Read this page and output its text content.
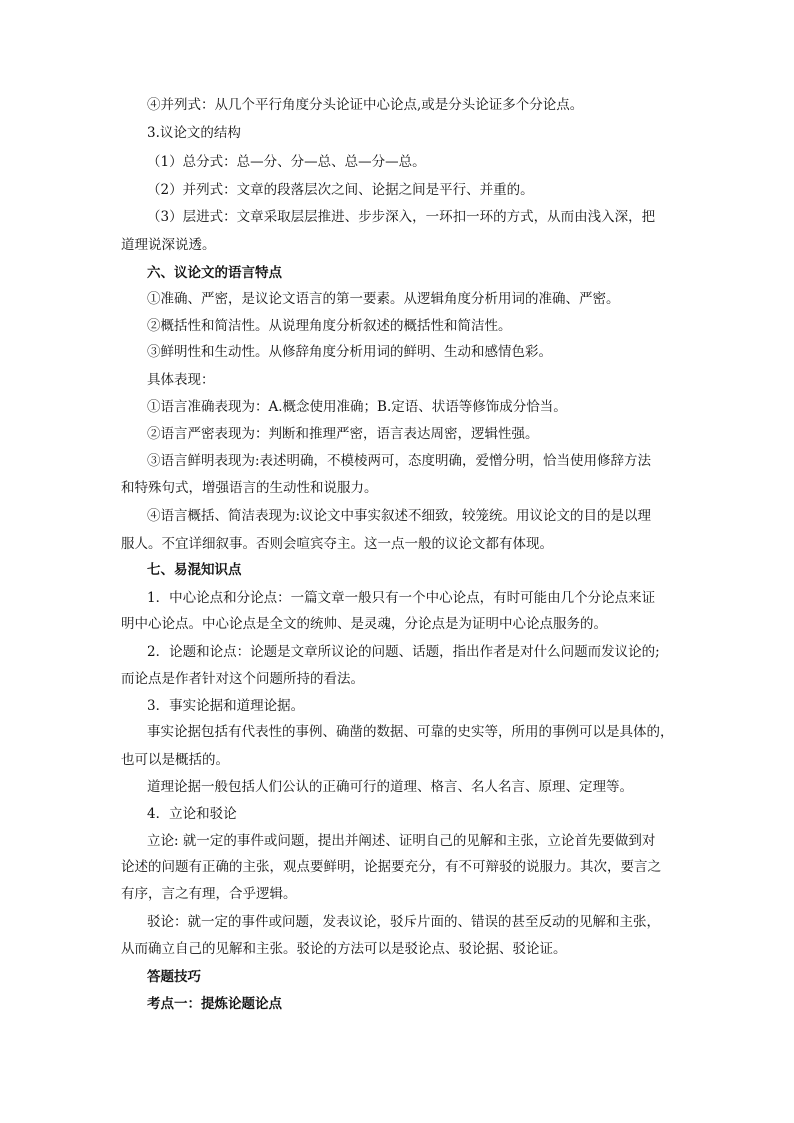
④并列式：从几个平行角度分头论证中心论点,或是分头论证多个分论点。
3.议论文的结构
（1）总分式：总—分、分—总、总—分—总。
（2）并列式：文章的段落层次之间、论据之间是平行、并重的。
（3）层进式：文章采取层层推进、步步深入，一环扣一环的方式，从而由浅入深，把
道理说深说透。
六、议论文的语言特点
①准确、严密，是议论文语言的第一要素。从逻辑角度分析用词的准确、严密。
②概括性和简洁性。从说理角度分析叙述的概括性和简洁性。
③鲜明性和生动性。从修辞角度分析用词的鲜明、生动和感情色彩。
具体表现：
①语言准确表现为：A.概念使用准确；B.定语、状语等修饰成分恰当。
②语言严密表现为：判断和推理严密，语言表达周密，逻辑性强。
③语言鲜明表现为:表述明确，不模棱两可，态度明确，爱憎分明，恰当使用修辞方法
和特殊句式，增强语言的生动性和说服力。
④语言概括、简洁表现为:议论文中事实叙述不细致，较笼统。用议论文的目的是以理
服人。不宜详细叙事。否则会喧宾夺主。这一点一般的议论文都有体现。
七、易混知识点
1．中心论点和分论点：一篇文章一般只有一个中心论点，有时可能由几个分论点来证
明中心论点。中心论点是全文的统帅、是灵魂，分论点是为证明中心论点服务的。
2．论题和论点：论题是文章所议论的问题、话题，指出作者是对什么问题而发议论的;
而论点是作者针对这个问题所持的看法。
3．事实论据和道理论据。
事实论据包括有代表性的事例、确凿的数据、可靠的史实等，所用的事例可以是具体的，
也可以是概括的。
道理论据一般包括人们公认的正确可行的道理、格言、名人名言、原理、定理等。
4．立论和驳论
立论: 就一定的事件或问题，提出并阐述、证明自己的见解和主张，立论首先要做到对
论述的问题有正确的主张，观点要鲜明，论据要充分，有不可辩驳的说服力。其次，要言之
有序，言之有理，合乎逻辑。
驳论：就一定的事件或问题，发表议论，驳斥片面的、错误的甚至反动的见解和主张，
从而确立自己的见解和主张。驳论的方法可以是驳论点、驳论据、驳论证。
答题技巧
考点一：提炼论题论点
